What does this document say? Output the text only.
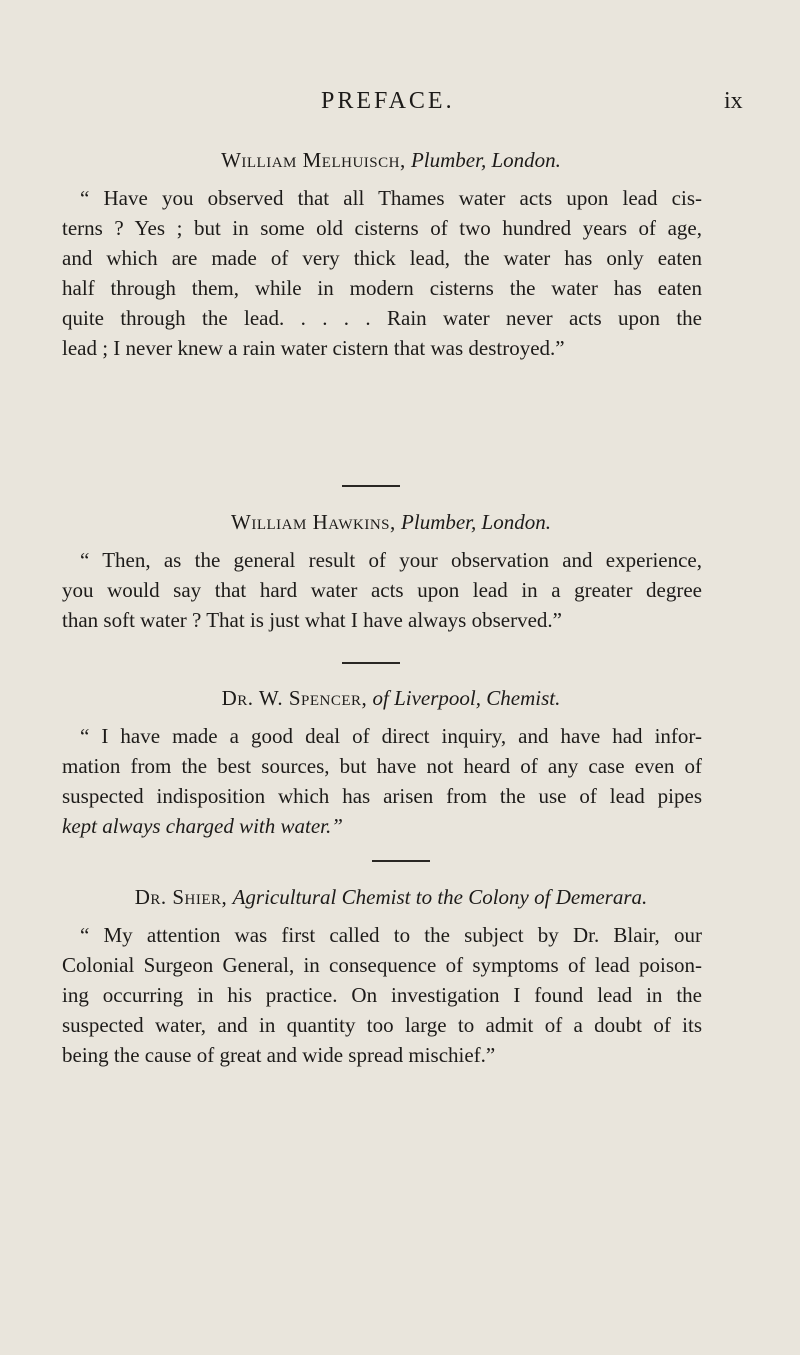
PREFACE.	ix
William Melhuisch, Plumber, London.
“ Have you observed that all Thames water acts upon lead cis-
terns ? Yes ; but in some old cisterns of two hundred years of age,
and which are made of very thick lead, the water has only eaten
half through them, while in modern cisterns the water has eaten
quite through the lead. . . . . Rain water never acts upon the
lead ; I never knew a rain water cistern that was destroyed.”
William Hawkins, Plumber, London.
“ Then, as the general result of your observation and experience,
you would say that hard water acts upon lead in a greater degree
than soft water ? That is just what I have always observed.”
Dr. W. Spencer, of Liverpool, Chemist.
“ I have made a good deal of direct inquiry, and have had infor-
mation from the best sources, but have not heard of any case even of
suspected indisposition which has arisen from the use of lead pipes
kept always charged with water.”
Dr. Shier, Agricultural Chemist to the Colony of Demerara.
“ My attention was first called to the subject by Dr. Blair, our
Colonial Surgeon General, in consequence of symptoms of lead poison-
ing occurring in his practice. On investigation I found lead in the
suspected water, and in quantity too large to admit of a doubt of its
being the cause of great and wide spread mischief.”
